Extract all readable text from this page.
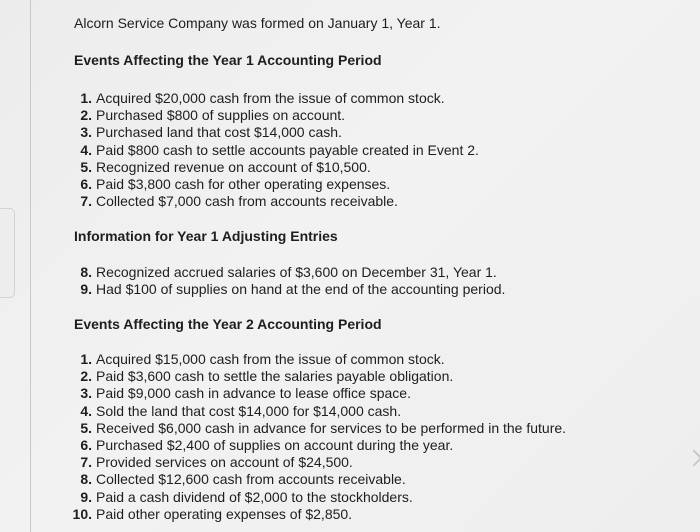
Alcorn Service Company was formed on January 1, Year 1.
Events Affecting the Year 1 Accounting Period
1. Acquired $20,000 cash from the issue of common stock.
2. Purchased $800 of supplies on account.
3. Purchased land that cost $14,000 cash.
4. Paid $800 cash to settle accounts payable created in Event 2.
5. Recognized revenue on account of $10,500.
6. Paid $3,800 cash for other operating expenses.
7. Collected $7,000 cash from accounts receivable.
Information for Year 1 Adjusting Entries
8. Recognized accrued salaries of $3,600 on December 31, Year 1.
9. Had $100 of supplies on hand at the end of the accounting period.
Events Affecting the Year 2 Accounting Period
1. Acquired $15,000 cash from the issue of common stock.
2. Paid $3,600 cash to settle the salaries payable obligation.
3. Paid $9,000 cash in advance to lease office space.
4. Sold the land that cost $14,000 for $14,000 cash.
5. Received $6,000 cash in advance for services to be performed in the future.
6. Purchased $2,400 of supplies on account during the year.
7. Provided services on account of $24,500.
8. Collected $12,600 cash from accounts receivable.
9. Paid a cash dividend of $2,000 to the stockholders.
10. Paid other operating expenses of $2,850.
